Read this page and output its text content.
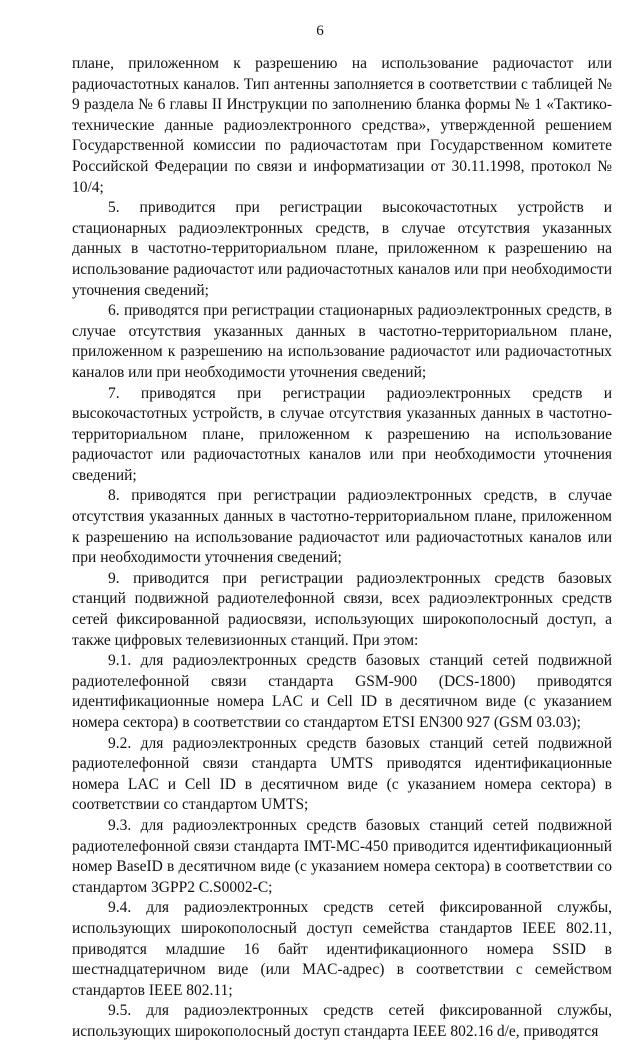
6

плане, приложенном к разрешению на использование радиочастот или радиочастотных каналов. Тип антенны заполняется в соответствии с таблицей № 9 раздела № 6 главы II Инструкции по заполнению бланка формы № 1 «Тактико-технические данные радиоэлектронного средства», утвержденной решением Государственной комиссии по радиочастотам при Государственном комитете Российской Федерации по связи и информатизации от 30.11.1998, протокол № 10/4;

5. приводится при регистрации высокочастотных устройств и стационарных радиоэлектронных средств, в случае отсутствия указанных данных в частотно-территориальном плане, приложенном к разрешению на использование радиочастот или радиочастотных каналов или при необходимости уточнения сведений;

6. приводятся при регистрации стационарных радиоэлектронных средств, в случае отсутствия указанных данных в частотно-территориальном плане, приложенном к разрешению на использование радиочастот или радиочастотных каналов или при необходимости уточнения сведений;

7. приводятся при регистрации радиоэлектронных средств и высокочастотных устройств, в случае отсутствия указанных данных в частотно-территориальном плане, приложенном к разрешению на использование радиочастот или радиочастотных каналов или при необходимости уточнения сведений;

8. приводятся при регистрации радиоэлектронных средств, в случае отсутствия указанных данных в частотно-территориальном плане, приложенном к разрешению на использование радиочастот или радиочастотных каналов или при необходимости уточнения сведений;

9. приводится при регистрации радиоэлектронных средств базовых станций подвижной радиотелефонной связи, всех радиоэлектронных средств сетей фиксированной радиосвязи, использующих широкополосный доступ, а также цифровых телевизионных станций. При этом:

9.1. для радиоэлектронных средств базовых станций сетей подвижной радиотелефонной связи стандарта GSM-900 (DCS-1800) приводятся идентификационные номера LAC и Cell ID в десятичном виде (с указанием номера сектора) в соответствии со стандартом ETSI EN300 927 (GSM 03.03);

9.2. для радиоэлектронных средств базовых станций сетей подвижной радиотелефонной связи стандарта UMTS приводятся идентификационные номера LAC и Cell ID в десятичном виде (с указанием номера сектора) в соответствии со стандартом UMTS;

9.3. для радиоэлектронных средств базовых станций сетей подвижной радиотелефонной связи стандарта IMT-MC-450 приводится идентификационный номер BaseID в десятичном виде (с указанием номера сектора) в соответствии со стандартом 3GPP2 C.S0002-C;

9.4. для радиоэлектронных средств сетей фиксированной службы, использующих широкополосный доступ семейства стандартов IEEE 802.11, приводятся младшие 16 байт идентификационного номера SSID в шестнадцатеричном виде (или MAC-адрес) в соответствии с семейством стандартов IEEE 802.11;

9.5. для радиоэлектронных средств сетей фиксированной службы, использующих широкополосный доступ стандарта IEEE 802.16 d/e, приводятся
